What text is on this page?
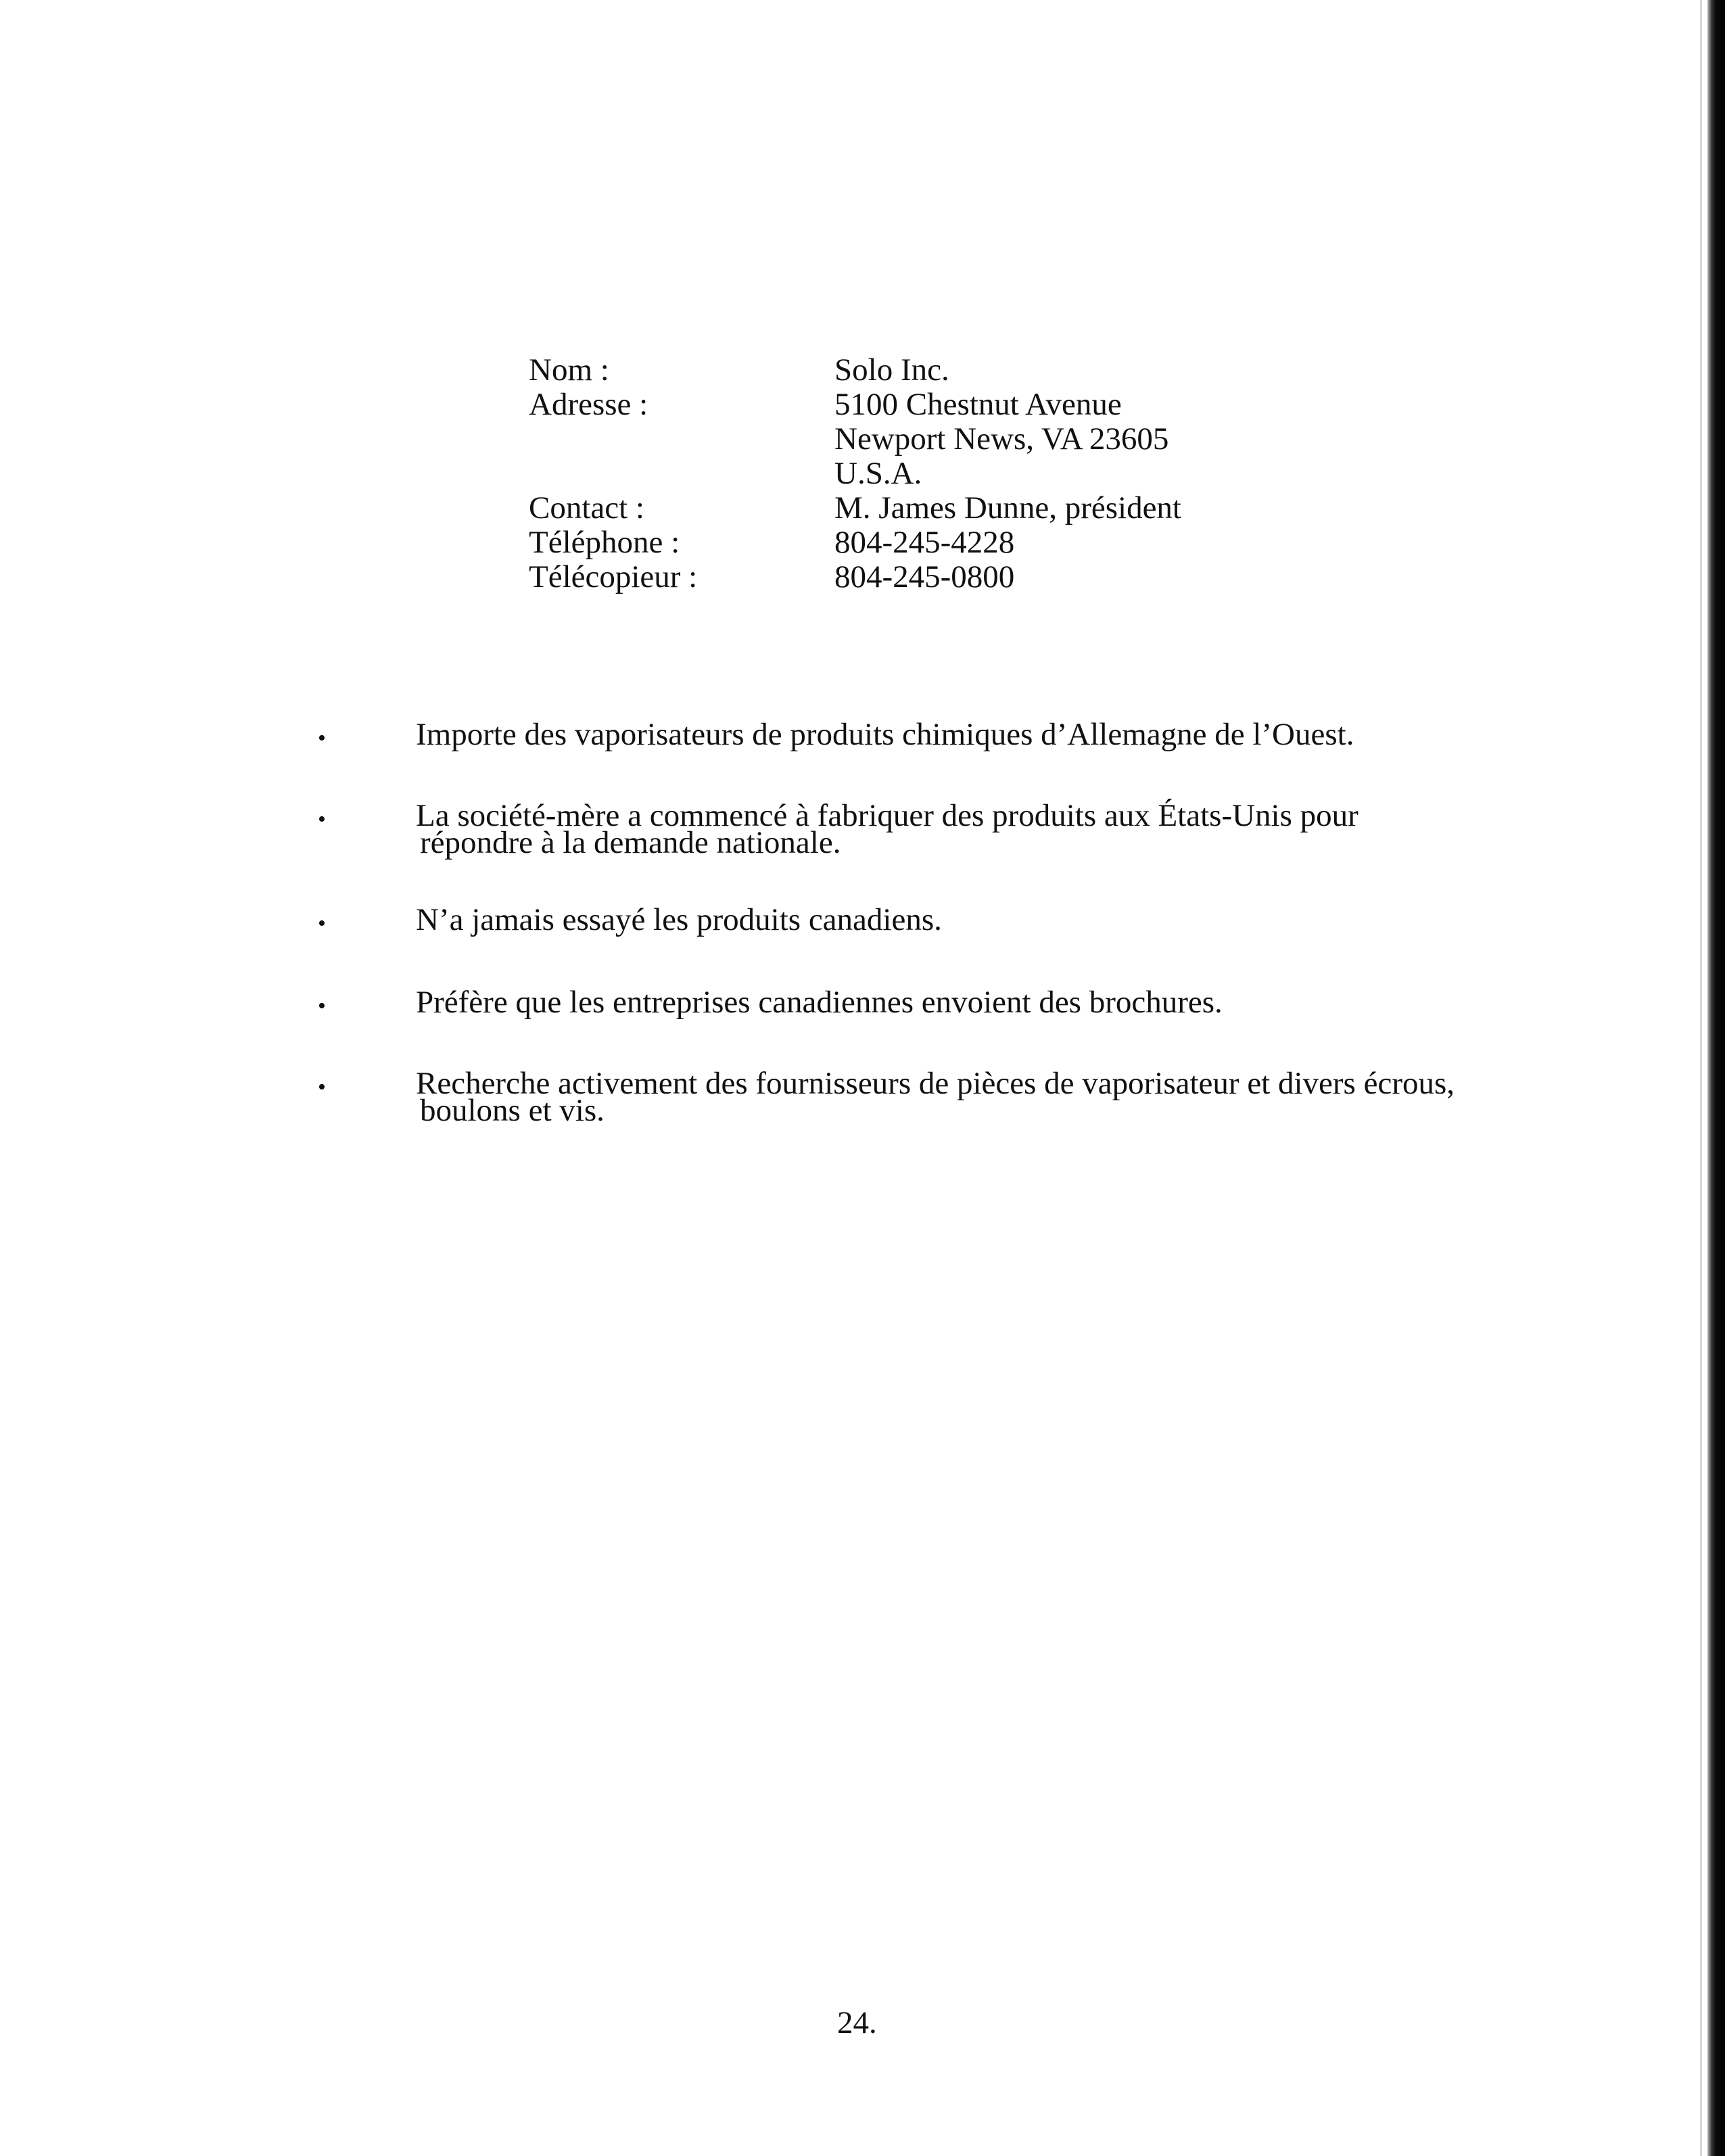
Nom :	Solo Inc.
Adresse :	5100 Chestnut Avenue
Newport News, VA 23605
U.S.A.
Contact :	M. James Dunne, président
Téléphone :	804-245-4228
Télécopieur :	804-245-0800
•	Importe des vaporisateurs de produits chimiques d’Allemagne de l’Ouest.
•	La société-mère a commencé à fabriquer des produits aux États-Unis pour
répondre à la demande nationale.
•	N’a jamais essayé les produits canadiens.
•	Préfère que les entreprises canadiennes envoient des brochures.
•	Recherche activement des fournisseurs de pièces de vaporisateur et divers écrous,
boulons et vis.
24.
